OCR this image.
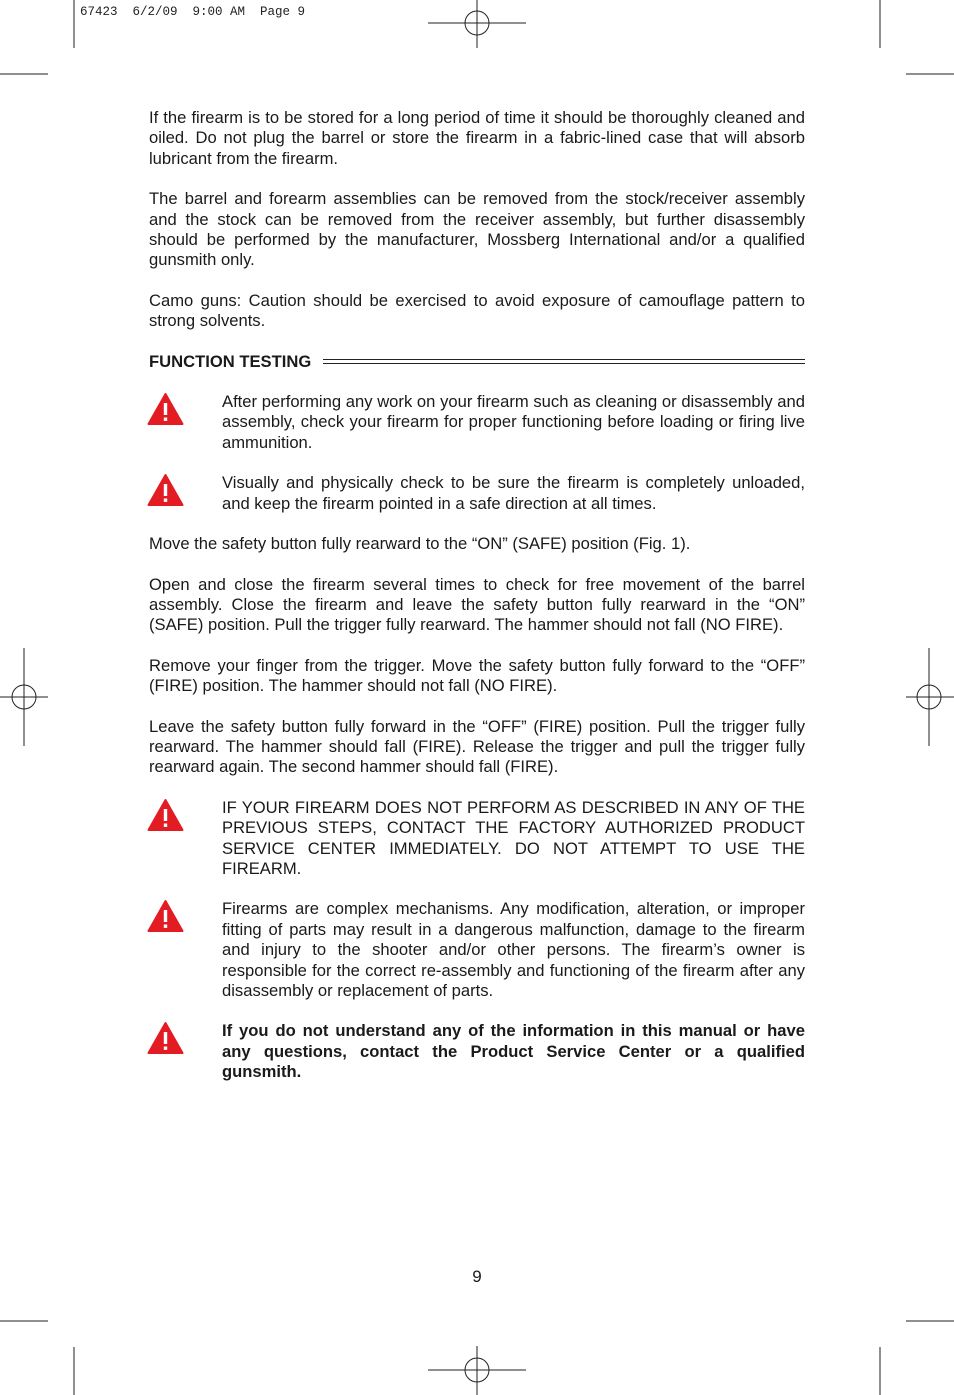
67423  6/2/09  9:00 AM  Page 9

If the firearm is to be stored for a long period of time it should be thoroughly cleaned and oiled. Do not plug the barrel or store the firearm in a fabric-lined case that will absorb lubricant from the firearm.

The barrel and forearm assemblies can be removed from the stock/receiver assembly and the stock can be removed from the receiver assembly, but further disassembly should be performed by the manufacturer, Mossberg International and/or a qualified gunsmith only.

Camo guns: Caution should be exercised to avoid exposure of camouflage pattern to strong solvents.

FUNCTION TESTING
After performing any work on your firearm such as cleaning or disassembly and assembly, check your firearm for proper functioning before loading or firing live ammunition.
Visually and physically check to be sure the firearm is completely unloaded, and keep the firearm pointed in a safe direction at all times.

Move the safety button fully rearward to the “ON” (SAFE) position (Fig. 1).

Open and close the firearm several times to check for free movement of the barrel assembly. Close the firearm and leave the safety button fully rearward in the “ON” (SAFE) position. Pull the trigger fully rearward. The hammer should not fall (NO FIRE).

Remove your finger from the trigger. Move the safety button fully forward to the “OFF” (FIRE) position. The hammer should not fall (NO FIRE).

Leave the safety button fully forward in the “OFF” (FIRE) position. Pull the trigger fully rearward. The hammer should fall (FIRE). Release the trigger and pull the trigger fully rearward again. The second hammer should fall (FIRE).

IF YOUR FIREARM DOES NOT PERFORM AS DESCRIBED IN ANY OF THE PREVIOUS STEPS, CONTACT THE FACTORY AUTHORIZED PRODUCT SERVICE CENTER IMMEDIATELY. DO NOT ATTEMPT TO USE THE FIREARM.
Firearms are complex mechanisms. Any modification, alteration, or improper fitting of parts may result in a dangerous malfunction, damage to the firearm and injury to the shooter and/or other persons. The firearm’s owner is responsible for the correct re-assembly and functioning of the firearm after any disassembly or replacement of parts.
If you do not understand any of the information in this manual or have any questions, contact the Product Service Center or a qualified gunsmith.
9
